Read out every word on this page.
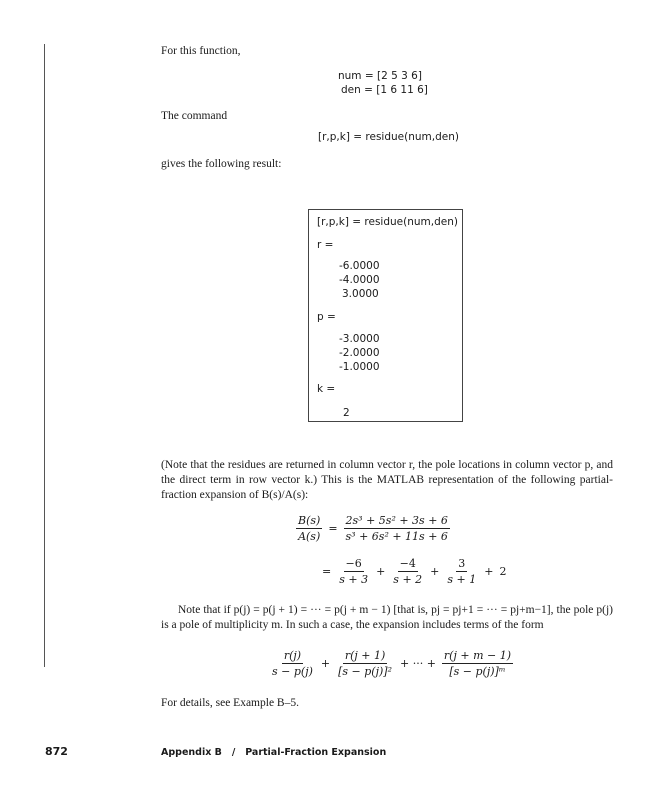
For this function,
num = [2 5 3 6]
den = [1 6 11 6]
The command
[r,p,k] = residue(num,den)
gives the following result:
[r,p,k] = residue(num,den)
r =
-6.0000
-4.0000
3.0000
p =
-3.0000
-2.0000
-1.0000
k =
2
(Note that the residues are returned in column vector r, the pole locations in column vector p, and the direct term in row vector k.) This is the MATLAB representation of the following partial-fraction expansion of B(s)/A(s):
$\frac{B(s)}{A(s)} = \frac{\text{2s³ + 5s² + 3s + 6}}{\text{s³ + 6s² + 11s + 6}}$
= $\frac{-6}{s + 3} + \frac{-4}{s + 2} + \frac{3}{s + 1} + 2$
Note that if p(j) = p(j + 1) = ··· = p(j + m − 1) [that is, pj = pj+1 = ··· = pj+m−1], the pole p(j) is a pole of multiplicity m. In such a case, the expansion includes terms of the form
$\frac{r(j)}{s - p(j)} + \frac{r(j + 1)}{\text{[s − p(j)]²}}$ + ··· + $\frac{r(j + m - 1)}{\text{[s − p(j)]ᵐ}}$
For details, see Example B–5.
872	Appendix B   /   Partial-Fraction Expansion
